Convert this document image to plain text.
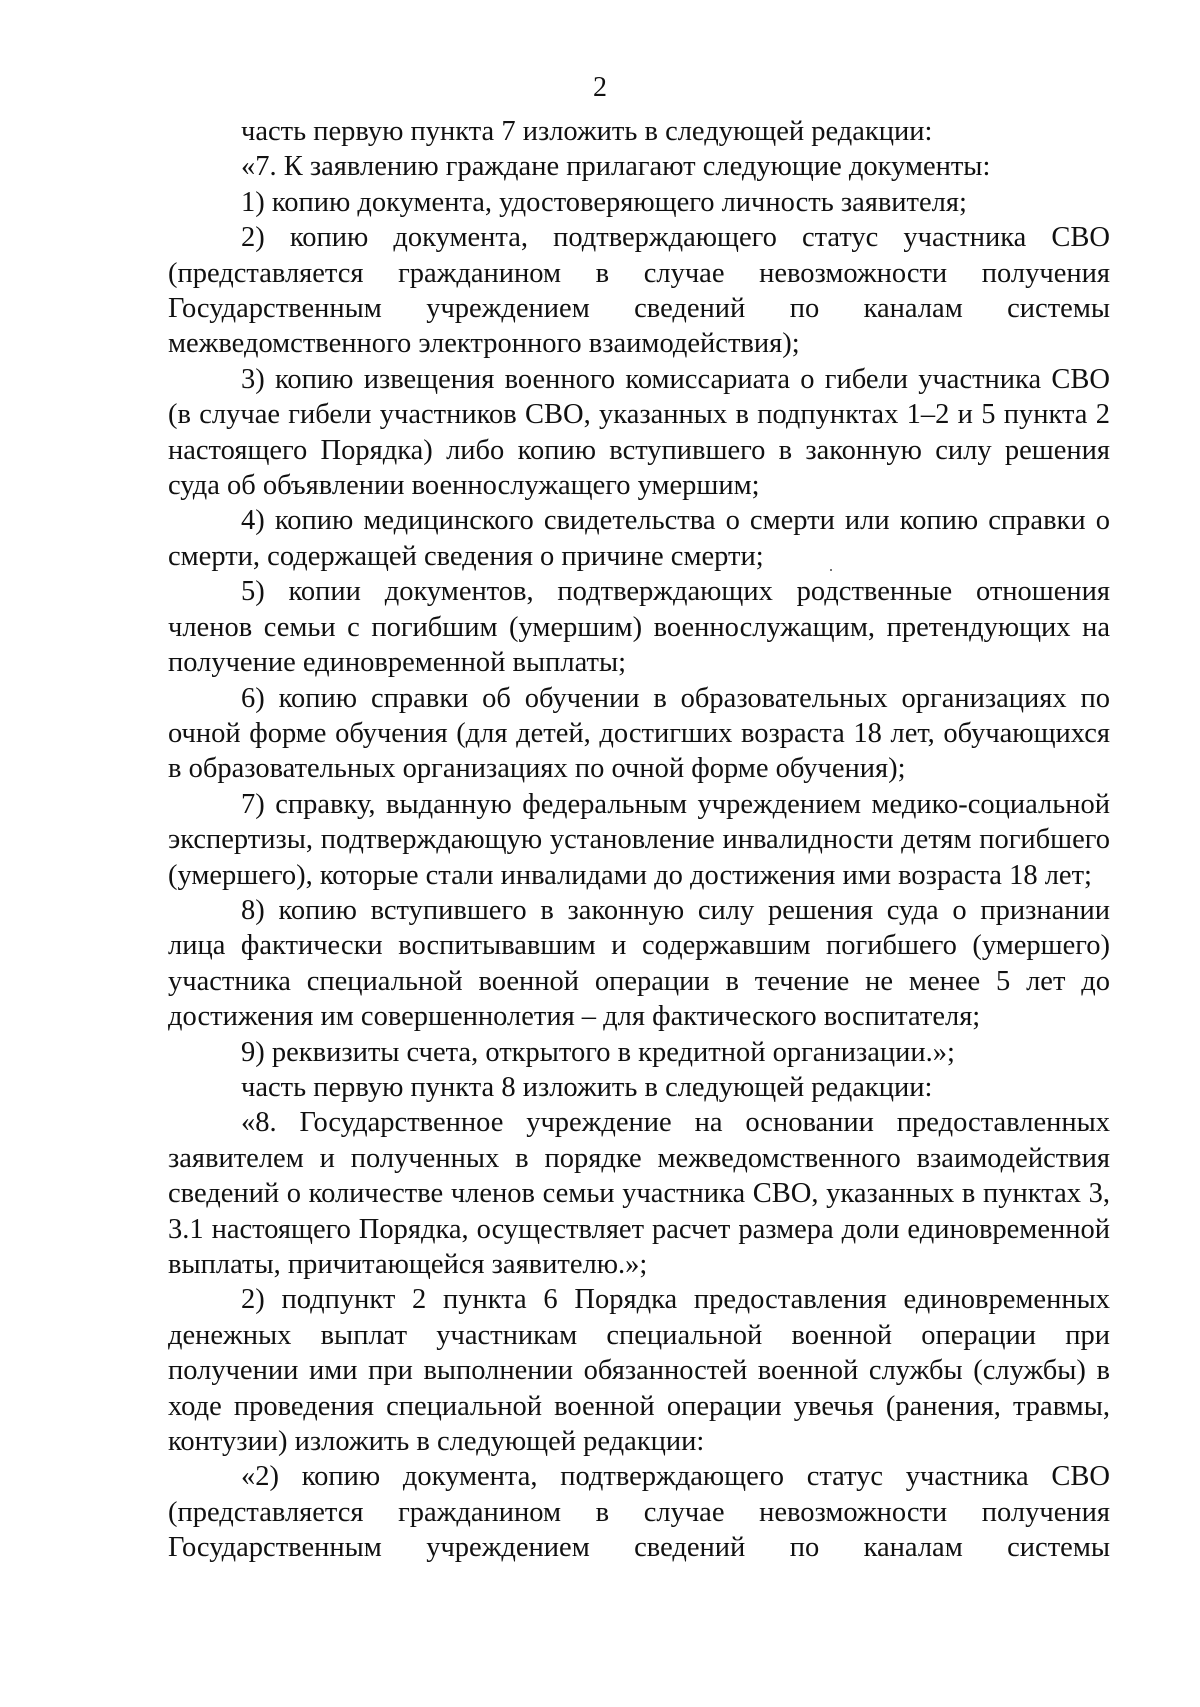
2

часть первую пункта 7 изложить в следующей редакции:

«7. К заявлению граждане прилагают следующие документы:

1) копию документа, удостоверяющего личность заявителя;

2) копию документа, подтверждающего статус участника СВО (представляется гражданином в случае невозможности получения Государственным учреждением сведений по каналам системы межведомственного электронного взаимодействия);

3) копию извещения военного комиссариата о гибели участника СВО (в случае гибели участников СВО, указанных в подпунктах 1–2 и 5 пункта 2 настоящего Порядка) либо копию вступившего в законную силу решения суда об объявлении военнослужащего умершим;

4) копию медицинского свидетельства о смерти или копию справки о смерти, содержащей сведения о причине смерти;

5) копии документов, подтверждающих родственные отношения членов семьи с погибшим (умершим) военнослужащим, претендующих на получение единовременной выплаты;

6) копию справки об обучении в образовательных организациях по очной форме обучения (для детей, достигших возраста 18 лет, обучающихся в образовательных организациях по очной форме обучения);

7) справку, выданную федеральным учреждением медико-социальной экспертизы, подтверждающую установление инвалидности детям погибшего (умершего), которые стали инвалидами до достижения ими возраста 18 лет;

8) копию вступившего в законную силу решения суда о признании лица фактически воспитывавшим и содержавшим погибшего (умершего) участника специальной военной операции в течение не менее 5 лет до достижения им совершеннолетия – для фактического воспитателя;

9) реквизиты счета, открытого в кредитной организации.»;

часть первую пункта 8 изложить в следующей редакции:

«8. Государственное учреждение на основании предоставленных заявителем и полученных в порядке межведомственного взаимодействия сведений о количестве членов семьи участника СВО, указанных в пунктах 3, 3.1 настоящего Порядка, осуществляет расчет размера доли единовременной выплаты, причитающейся заявителю.»;

2) подпункт 2 пункта 6 Порядка предоставления единовременных денежных выплат участникам специальной военной операции при получении ими при выполнении обязанностей военной службы (службы) в ходе проведения специальной военной операции увечья (ранения, травмы, контузии) изложить в следующей редакции:

«2) копию документа, подтверждающего статус участника СВО (представляется гражданином в случае невозможности получения Государственным учреждением сведений по каналам системы
